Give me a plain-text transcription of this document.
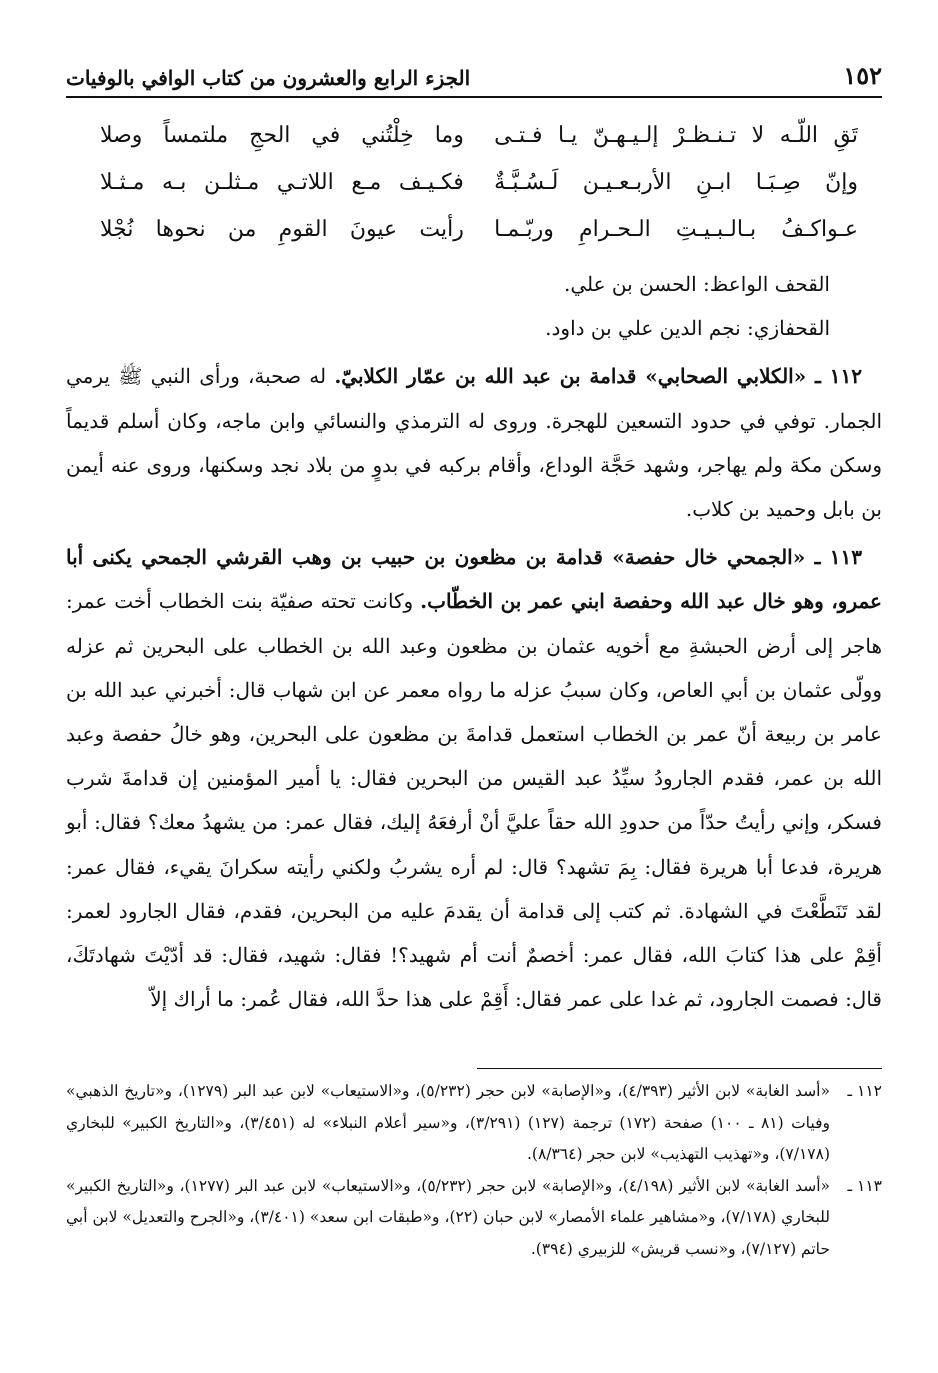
١٥٢
الجزء الرابع والعشرون من كتاب الوافي بالوفيات
تَقِ اللّـه لا تـنـظـرْ إلـيـهـنّ يـا فـتـى
وما خِلْتُني في الحجِ ملتمساً وصلا
وإنّ صِـبَـا ابـنِ الأربـعـيـن لَـسُـبَّـةٌ
فكـيـف مـع اللاتـي مـثلـن بـه مـثـلا
عـواكـفُ بـالـبـيـتِ الـحـرامِ وربّـمـا
رأيت عيونَ القومِ من نحوها نُجْلا

القحف الواعظ: الحسن بن علي.

القحفازي: نجم الدين علي بن داود.

١١٢ ـ «الكلابي الصحابي» قدامة بن عبد الله بن عمّار الكلابيّ. له صحبة، ورأى النبي ﷺ يرمي الجمار. توفي في حدود التسعين للهجرة. وروى له الترمذي والنسائي وابن ماجه، وكان أسلم قديماً وسكن مكة ولم يهاجر، وشهد حَجَّة الوداع، وأقام بركبه في بدوٍ من بلاد نجد وسكنها، وروى عنه أيمن بن بابل وحميد بن كلاب.

١١٣ ـ «الجمحي خال حفصة» قدامة بن مظعون بن حبيب بن وهب القرشي الجمحي يكنى أبا عمرو، وهو خال عبد الله وحفصة ابني عمر بن الخطّاب. وكانت تحته صفيّة بنت الخطاب أخت عمر: هاجر إلى أرض الحبشةِ مع أخويه عثمان بن مظعون وعبد الله بن الخطاب على البحرين ثم عزله وولّى عثمان بن أبي العاص، وكان سببُ عزله ما رواه معمر عن ابن شهاب قال: أخبرني عبد الله بن عامر بن ربيعة أنّ عمر بن الخطاب استعمل قدامةَ بن مظعون على البحرين، وهو خالُ حفصة وعبد الله بن عمر، فقدم الجارودُ سيِّدُ عبد القيس من البحرين فقال: يا أمير المؤمنين إن قدامةَ شرب فسكر، وإني رأيتُ حدّاً من حدودِ الله حقاً عليَّ أنْ أرفعَهُ إليك، فقال عمر: من يشهدُ معك؟ فقال: أبو هريرة، فدعا أبا هريرة فقال: بِمَ تشهد؟ قال: لم أره يشربُ ولكني رأيته سكرانَ يقيء، فقال عمر: لقد تَنَطَّعْتَ في الشهادة. ثم كتب إلى قدامة أن يقدمَ عليه من البحرين، فقدم، فقال الجارود لعمر: أقِمْ على هذا كتابَ الله، فقال عمر: أخصمٌ أنت أم شهيد؟! فقال: شهيد، فقال: قد أدّيْتَ شهادتَكَ، قال: فصمت الجارود، ثم غدا على عمر فقال: أَقِمْ على هذا حدَّ الله، فقال عُمر: ما أراك إلاّ

١١٢ ـ
«أسد الغابة» لابن الأثير (٤/٣٩٣)، و«الإصابة» لابن حجر (٥/٢٣٢)، و«الاستيعاب» لابن عبد البر (١٢٧٩)، و«تاريخ الذهبي» وفيات (٨١ ـ ١٠٠) صفحة (١٧٢) ترجمة (١٢٧) (٣/٢٩١)، و«سير أعلام النبلاء» له (٣/٤٥١)، و«التاريخ الكبير» للبخاري (٧/١٧٨)، و«تهذيب التهذيب» لابن حجر (٨/٣٦٤).
١١٣ ـ
«أسد الغابة» لابن الأثير (٤/١٩٨)، و«الإصابة» لابن حجر (٥/٢٣٢)، و«الاستيعاب» لابن عبد البر (١٢٧٧)، و«التاريخ الكبير» للبخاري (٧/١٧٨)، و«مشاهير علماء الأمصار» لابن حبان (٢٢)، و«طبقات ابن سعد» (٣/٤٠١)، و«الجرح والتعديل» لابن أبي حاتم (٧/١٢٧)، و«نسب قريش» للزبيري (٣٩٤).
